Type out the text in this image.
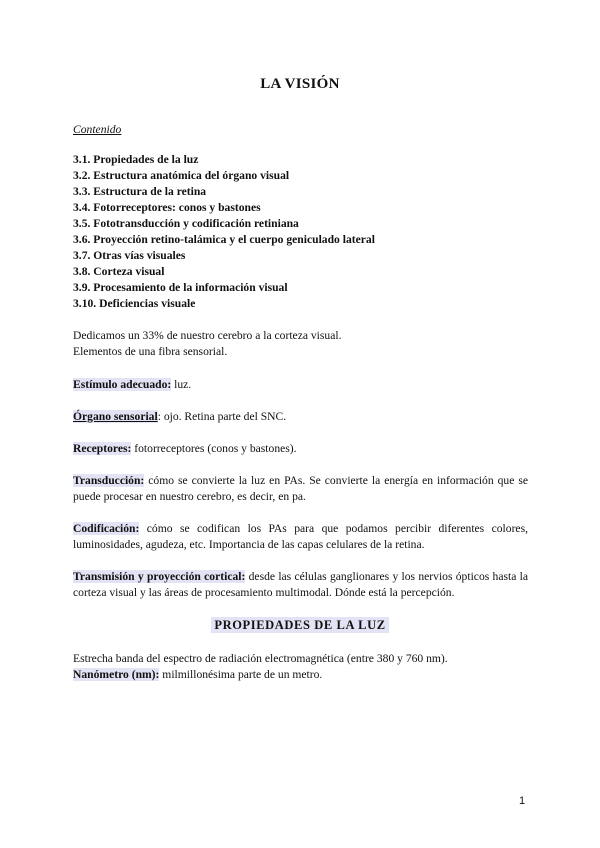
LA VISIÓN
Contenido
3.1. Propiedades de la luz
3.2. Estructura anatómica del órgano visual
3.3. Estructura de la retina
3.4. Fotorreceptores: conos y bastones
3.5. Fototransducción y codificación retiniana
3.6. Proyección retino-talámica y el cuerpo geniculado lateral
3.7. Otras vías visuales
3.8. Corteza visual
3.9. Procesamiento de la información visual
3.10. Deficiencias visuale
Dedicamos un 33% de nuestro cerebro a la corteza visual.
Elementos de una fibra sensorial.
Estímulo adecuado: luz.
Órgano sensorial: ojo. Retina parte del SNC.
Receptores: fotorreceptores (conos y bastones).
Transducción: cómo se convierte la luz en PAs. Se convierte la energía en información que se puede procesar en nuestro cerebro, es decir, en pa.
Codificación: cómo se codifican los PAs para que podamos percibir diferentes colores, luminosidades, agudeza, etc. Importancia de las capas celulares de la retina.
Transmisión y proyección cortical: desde las células ganglionares y los nervios ópticos hasta la corteza visual y las áreas de procesamiento multimodal. Dónde está la percepción.
PROPIEDADES DE LA LUZ
Estrecha banda del espectro de radiación electromagnética (entre 380 y 760 nm).
Nanómetro (nm): milmillonésima parte de un metro.
1
